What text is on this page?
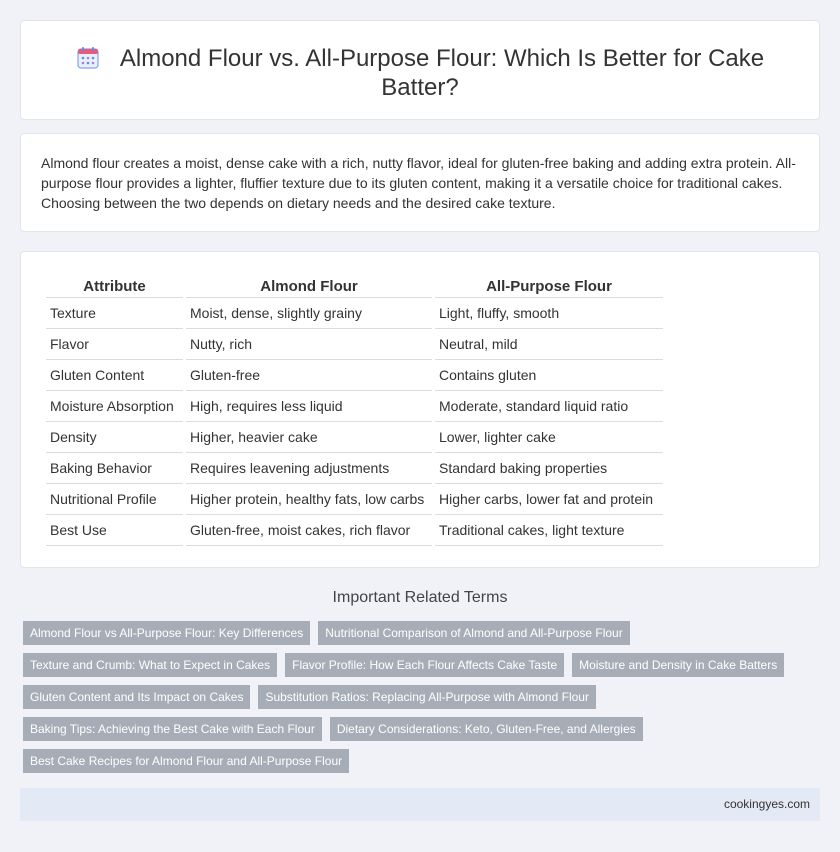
Almond Flour vs. All-Purpose Flour: Which Is Better for Cake Batter?

Almond flour creates a moist, dense cake with a rich, nutty flavor, ideal for gluten-free baking and adding extra protein. All-purpose flour provides a lighter, fluffier texture due to its gluten content, making it a versatile choice for traditional cakes. Choosing between the two depends on dietary needs and the desired cake texture.

Attribute	Almond Flour	All-Purpose Flour
Texture	Moist, dense, slightly grainy	Light, fluffy, smooth
Flavor	Nutty, rich	Neutral, mild
Gluten Content	Gluten-free	Contains gluten
Moisture Absorption	High, requires less liquid	Moderate, standard liquid ratio
Density	Higher, heavier cake	Lower, lighter cake
Baking Behavior	Requires leavening adjustments	Standard baking properties
Nutritional Profile	Higher protein, healthy fats, low carbs	Higher carbs, lower fat and protein
Best Use	Gluten-free, moist cakes, rich flavor	Traditional cakes, light texture
Important Related Terms
Almond Flour vs All-Purpose Flour: Key Differences	Nutritional Comparison of Almond and All-Purpose Flour
Texture and Crumb: What to Expect in Cakes	Flavor Profile: How Each Flour Affects Cake Taste	Moisture and Density in Cake Batters
Gluten Content and Its Impact on Cakes	Substitution Ratios: Replacing All-Purpose with Almond Flour
Baking Tips: Achieving the Best Cake with Each Flour	Dietary Considerations: Keto, Gluten-Free, and Allergies
Best Cake Recipes for Almond Flour and All-Purpose Flour
cookingyes.com
